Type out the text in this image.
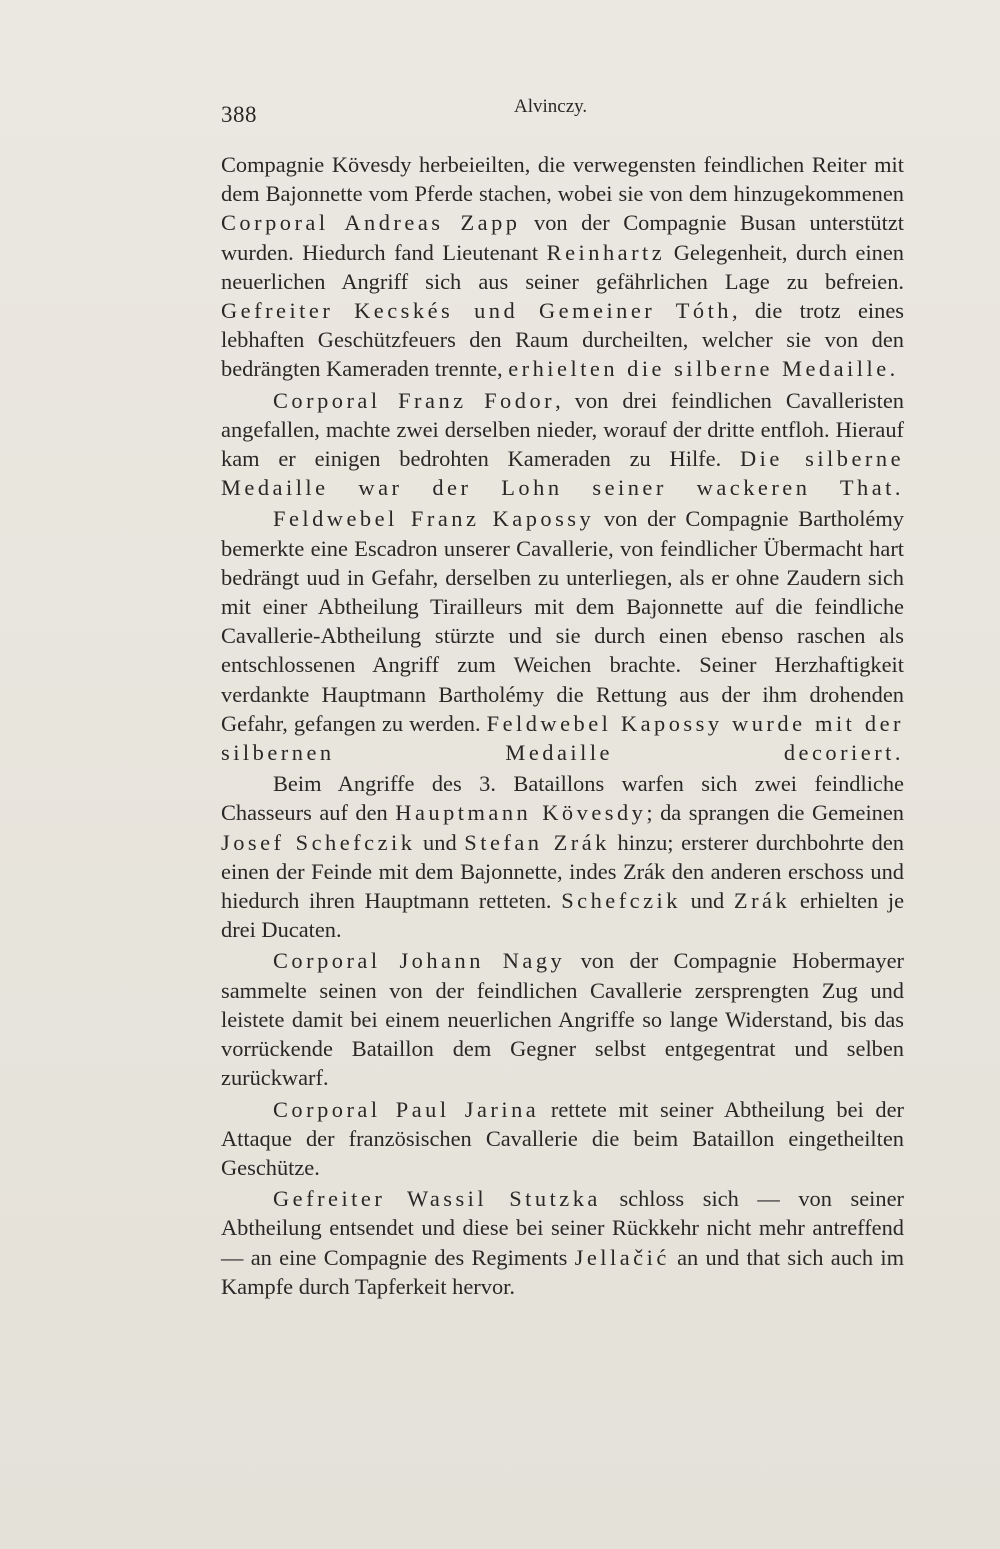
388	Alvinczy.

Compagnie Kövesdy herbeieilten, die verwegensten feindlichen Reiter mit dem Bajonnette vom Pferde stachen, wobei sie von dem hinzugekommenen Corporal Andreas Zapp von der Compagnie Busan unterstützt wurden. Hiedurch fand Lieutenant Reinhartz Gelegenheit, durch einen neuerlichen Angriff sich aus seiner gefährlichen Lage zu befreien. Gefreiter Kecskés und Gemeiner Tóth, die trotz eines lebhaften Geschützfeuers den Raum durcheilten, welcher sie von den bedrängten Kameraden trennte, erhielten die silberne Medaille.

Corporal Franz Fodor, von drei feindlichen Cavalleristen angefallen, machte zwei derselben nieder, worauf der dritte entfloh. Hierauf kam er einigen bedrohten Kameraden zu Hilfe. Die silberne Medaille war der Lohn seiner wackeren That.

Feldwebel Franz Kapossy von der Compagnie Bartholémy bemerkte eine Escadron unserer Cavallerie, von feindlicher Übermacht hart bedrängt uud in Gefahr, derselben zu unterliegen, als er ohne Zaudern sich mit einer Abtheilung Tirailleurs mit dem Bajonnette auf die feindliche Cavallerie-Abtheilung stürzte und sie durch einen ebenso raschen als entschlossenen Angriff zum Weichen brachte. Seiner Herzhaftigkeit verdankte Hauptmann Bartholémy die Rettung aus der ihm drohenden Gefahr, gefangen zu werden. Feldwebel Kapossy wurde mit der silbernen Medaille decoriert.

Beim Angriffe des 3. Bataillons warfen sich zwei feindliche Chasseurs auf den Hauptmann Kövesdy; da sprangen die Gemeinen Josef Schefczik und Stefan Zrák hinzu; ersterer durchbohrte den einen der Feinde mit dem Bajonnette, indes Zrák den anderen erschoss und hiedurch ihren Hauptmann retteten. Schefczik und Zrák erhielten je drei Ducaten.

Corporal Johann Nagy von der Compagnie Hobermayer sammelte seinen von der feindlichen Cavallerie zersprengten Zug und leistete damit bei einem neuerlichen Angriffe so lange Widerstand, bis das vorrückende Bataillon dem Gegner selbst entgegentrat und selben zurückwarf.

Corporal Paul Jarina rettete mit seiner Abtheilung bei der Attaque der französischen Cavallerie die beim Bataillon eingetheilten Geschütze.

Gefreiter Wassil Stutzka schloss sich — von seiner Abtheilung entsendet und diese bei seiner Rückkehr nicht mehr antreffend — an eine Compagnie des Regiments Jellačić an und that sich auch im Kampfe durch Tapferkeit hervor.
